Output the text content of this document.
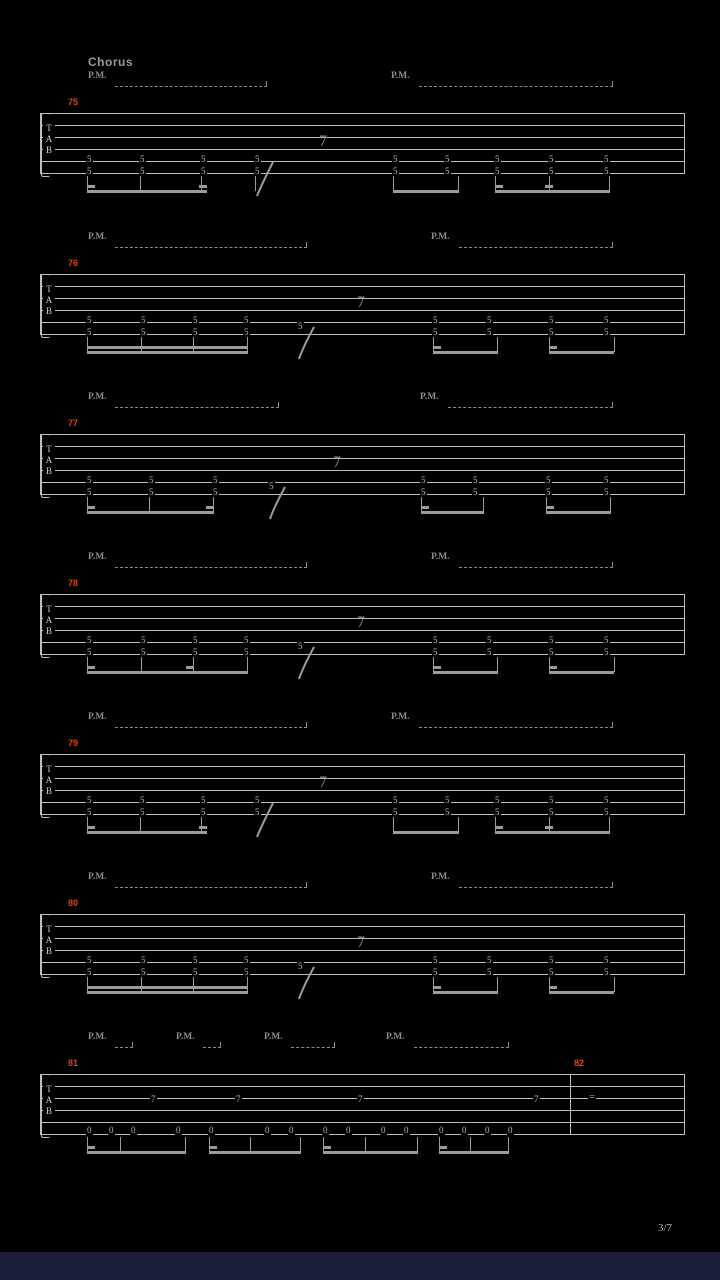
Chorus
P.M.	P.M.
75
T
A
B
5
5
5
5
5
5
5
5
7
5
5
5
5
5
5
5
5
5
5
P.M.	P.M.
76
T
A
B
5
5
5
5
5
5
5
5
5
7
5
5
5
5
5
5
5
5
P.M.	P.M.
77
T
A
B
5
5
5
5
5
5
5
7
5
5
5
5
5
5
5
5
P.M.	P.M.
78
T
A
B
5
5
5
5
5
5
5
5
5
7
5
5
5
5
5
5
5
5
P.M.	P.M.
79
T
A
B
5
5
5
5
5
5
5
5
7
5
5
5
5
5
5
5
5
5
5
P.M.	P.M.
80
T
A
B
5
5
5
5
5
5
5
5
5
7
5
5
5
5
5
5
5
5
P.M.	P.M.	P.M.	P.M.
81	82
T
A
B
7	7	7	7
0 0 0	0	0	0 0	0 0	0 0	0 0 0 0
=
3/7
